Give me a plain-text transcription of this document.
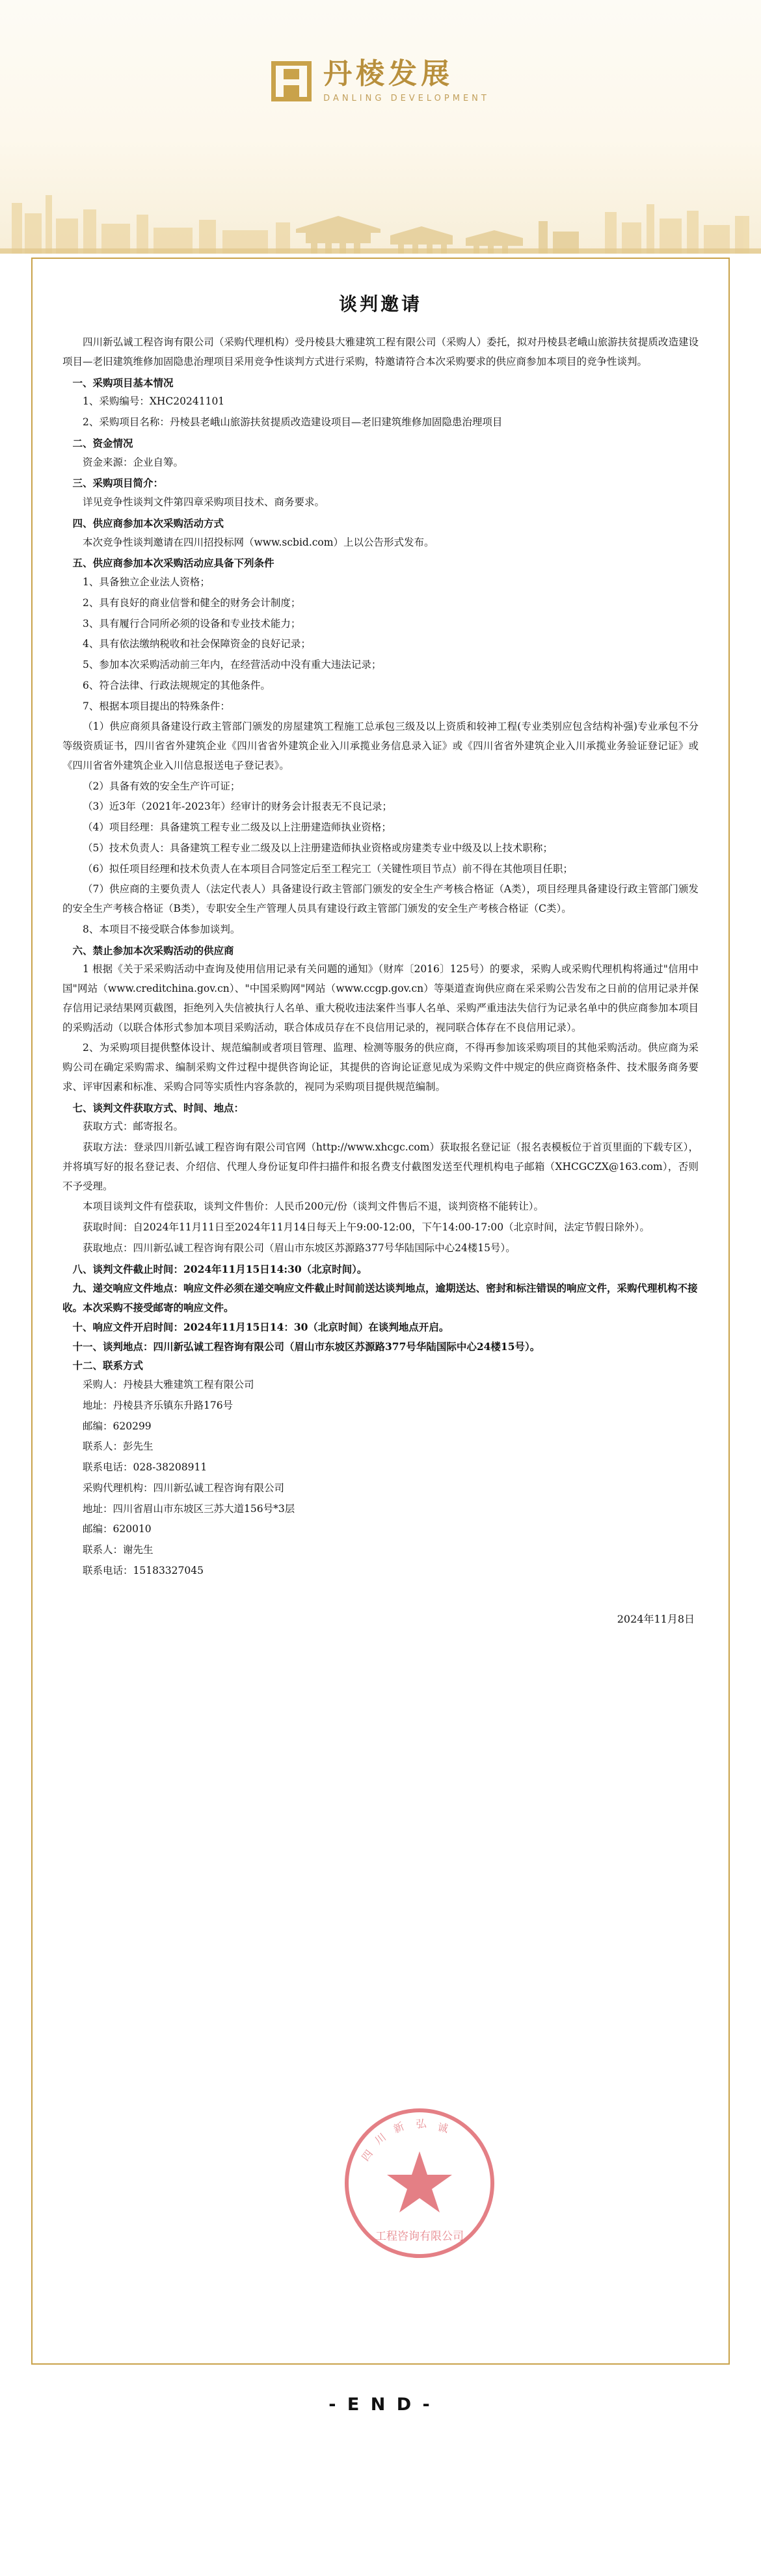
丹棱发展
DANLING DEVELOPMENT
谈判邀请

四川新弘诚工程咨询有限公司（采购代理机构）受丹棱县大雅建筑工程有限公司（采购人）委托，拟对丹棱县老峨山旅游扶贫提质改造建设项目—老旧建筑维修加固隐患治理项目采用竞争性谈判方式进行采购，特邀请符合本次采购要求的供应商参加本项目的竞争性谈判。

一、采购项目基本情况

1、采购编号：XHC20241101

2、采购项目名称：丹棱县老峨山旅游扶贫提质改造建设项目—老旧建筑维修加固隐患治理项目

二、资金情况

资金来源：企业自筹。

三、采购项目简介：

详见竞争性谈判文件第四章采购项目技术、商务要求。

四、供应商参加本次采购活动方式

本次竞争性谈判邀请在四川招投标网（www.scbid.com）上以公告形式发布。

五、供应商参加本次采购活动应具备下列条件

1、具备独立企业法人资格；

2、具有良好的商业信誉和健全的财务会计制度；

3、具有履行合同所必须的设备和专业技术能力；

4、具有依法缴纳税收和社会保障资金的良好记录；

5、参加本次采购活动前三年内，在经营活动中没有重大违法记录；

6、符合法律、行政法规规定的其他条件。

7、根据本项目提出的特殊条件：

（1）供应商须具备建设行政主管部门颁发的房屋建筑工程施工总承包三级及以上资质和较神工程(专业类别应包含结构补强)专业承包不分等级资质证书，四川省省外建筑企业《四川省省外建筑企业入川承揽业务信息录入证》或《四川省省外建筑企业入川承揽业务验证登记证》或《四川省省外建筑企业入川信息报送电子登记表》。

（2）具备有效的安全生产许可证；

（3）近3年（2021年-2023年）经审计的财务会计报表无不良记录；

（4）项目经理：具备建筑工程专业二级及以上注册建造师执业资格；

（5）技术负责人：具备建筑工程专业二级及以上注册建造师执业资格或房建类专业中级及以上技术职称；

（6）拟任项目经理和技术负责人在本项目合同签定后至工程完工（关键性项目节点）前不得在其他项目任职；

（7）供应商的主要负责人（法定代表人）具备建设行政主管部门颁发的安全生产考核合格证（A类），项目经理具备建设行政主管部门颁发的安全生产考核合格证（B类），专职安全生产管理人员具有建设行政主管部门颁发的安全生产考核合格证（C类）。

8、本项目不接受联合体参加谈判。

六、禁止参加本次采购活动的供应商

1 根据《关于采采购活动中查询及使用信用记录有关问题的通知》（财库〔2016〕125号）的要求，采购人或采购代理机构将通过"信用中国"网站（www.creditchina.gov.cn）、"中国采购网"网站（www.ccgp.gov.cn）等渠道查询供应商在采采购公告发布之日前的信用记录并保存信用记录结果网页截图，拒绝列入失信被执行人名单、重大税收违法案件当事人名单、采购严重违法失信行为记录名单中的供应商参加本项目的采购活动（以联合体形式参加本项目采购活动，联合体成员存在不良信用记录的，视同联合体存在不良信用记录）。

2、为采购项目提供整体设计、规范编制或者项目管理、监理、检测等服务的供应商，不得再参加该采购项目的其他采购活动。供应商为采购公司在确定采购需求、编制采购文件过程中提供咨询论证，其提供的咨询论证意见成为采购文件中规定的供应商资格条件、技术服务商务要求、评审因素和标准、采购合同等实质性内容条款的，视同为采购项目提供规范编制。

七、谈判文件获取方式、时间、地点：

获取方式：邮寄报名。

获取方法：登录四川新弘诚工程咨询有限公司官网（http://www.xhcgc.com）获取报名登记证（报名表模板位于首页里面的下载专区），并将填写好的报名登记表、介绍信、代理人身份证复印件扫描件和报名费支付截图发送至代理机构电子邮箱（XHCGCZX@163.com），否则不予受理。

本项目谈判文件有偿获取，谈判文件售价：人民币200元/份（谈判文件售后不退，谈判资格不能转让）。

获取时间：自2024年11月11日至2024年11月14日每天上午9:00-12:00，下午14:00-17:00（北京时间，法定节假日除外）。

获取地点：四川新弘诚工程咨询有限公司（眉山市东坡区苏源路377号华陆国际中心24楼15号）。

八、谈判文件截止时间：2024年11月15日14:30（北京时间）。

九、递交响应文件地点：响应文件必须在递交响应文件截止时间前送达谈判地点，逾期送达、密封和标注错误的响应文件，采购代理机构不接收。本次采购不接受邮寄的响应文件。

十、响应文件开启时间：2024年11月15日14：30（北京时间）在谈判地点开启。

十一、谈判地点：四川新弘诚工程咨询有限公司（眉山市东坡区苏源路377号华陆国际中心24楼15号）。

十二、联系方式

采购人：丹棱县大雅建筑工程有限公司

地址：丹棱县齐乐镇东升路176号

邮编：620299

联系人：彭先生

联系电话：028-38208911

采购代理机构：四川新弘诚工程咨询有限公司

地址：四川省眉山市东坡区三苏大道156号*3层

邮编：620010

联系人：谢先生

联系电话：15183327045

2024年11月8日
工程咨询有限公司
四
川
新 弘 诚
- E N D -
